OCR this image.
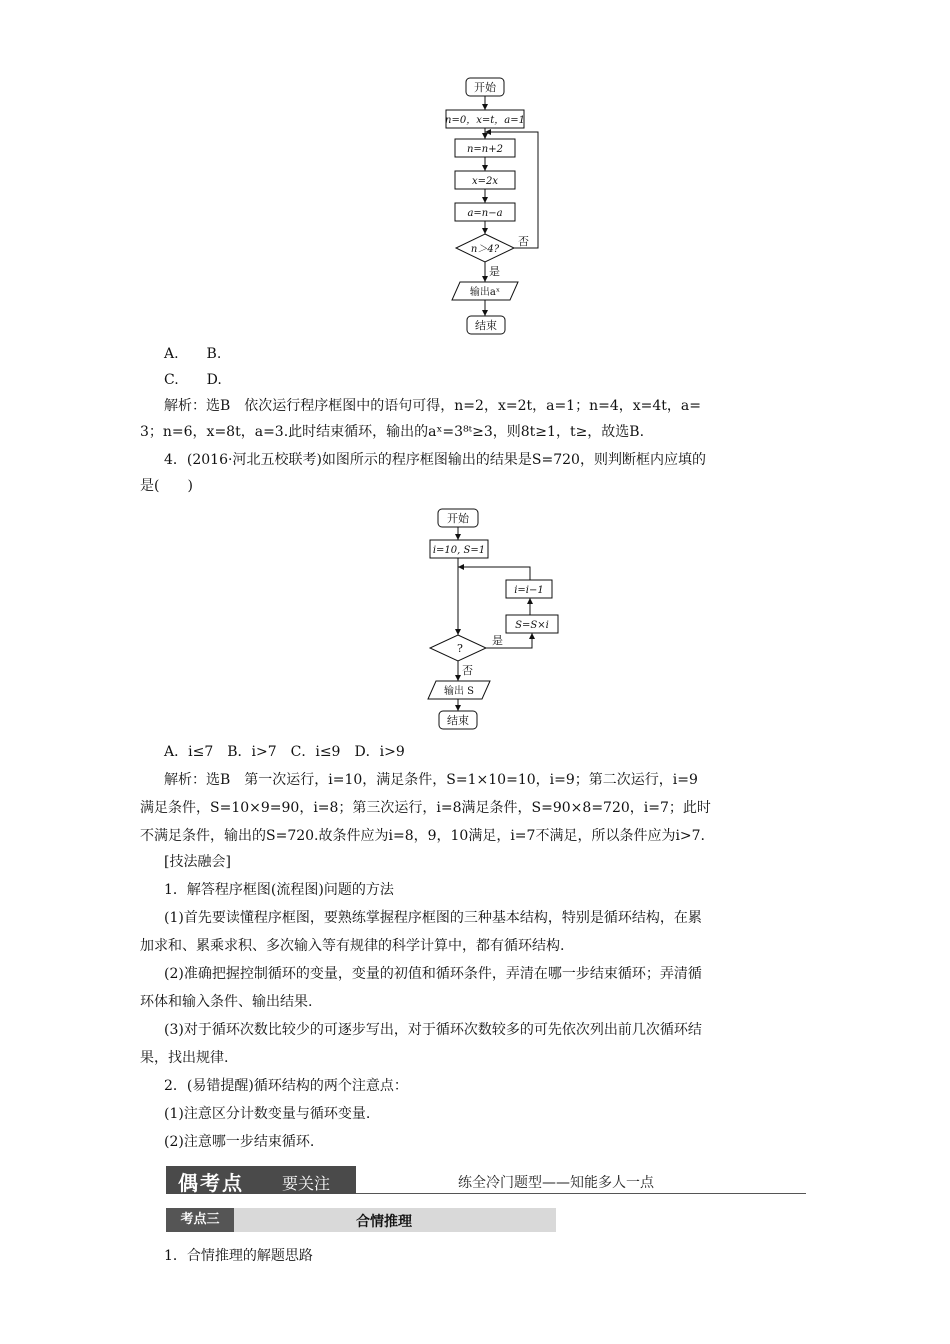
开始
n=0，x=t，a=1
n=n+2
x=2x
a=n−a
n＞4?
否
是
输出aˣ
结束
A.　　B.
C.　　D.
解析：选B　依次运行程序框图中的语句可得，n=2，x=2t，a=1；n=4，x=4t，a=
3；n=6，x=8t，a=3.此时结束循环，输出的aˣ=3⁸ᵗ≥3，则8t≥1，t≥，故选B.
4．(2016·河北五校联考)如图所示的程序框图输出的结果是S=720，则判断框内应填的
是(　　)
开始
i=10, S=1
i=i−1
S=S×i
?
是
否
输出 S
结束
A．i≤7　B．i>7　C．i≤9　D．i>9
解析：选B　第一次运行，i=10，满足条件，S=1×10=10，i=9；第二次运行，i=9
满足条件，S=10×9=90，i=8；第三次运行，i=8满足条件，S=90×8=720，i=7；此时
不满足条件，输出的S=720.故条件应为i=8，9，10满足，i=7不满足，所以条件应为i>7.
[技法融会]
1．解答程序框图(流程图)问题的方法
(1)首先要读懂程序框图，要熟练掌握程序框图的三种基本结构，特别是循环结构，在累
加求和、累乘求积、多次输入等有规律的科学计算中，都有循环结构.
(2)准确把握控制循环的变量，变量的初值和循环条件，弄清在哪一步结束循环；弄清循
环体和输入条件、输出结果.
(3)对于循环次数比较少的可逐步写出，对于循环次数较多的可先依次列出前几次循环结
果，找出规律.
2．(易错提醒)循环结构的两个注意点：
(1)注意区分计数变量与循环变量.
(2)注意哪一步结束循环.
偶考点 要关注	练全冷门题型——知能多人一点
考点三	合情推理
1．合情推理的解题思路
